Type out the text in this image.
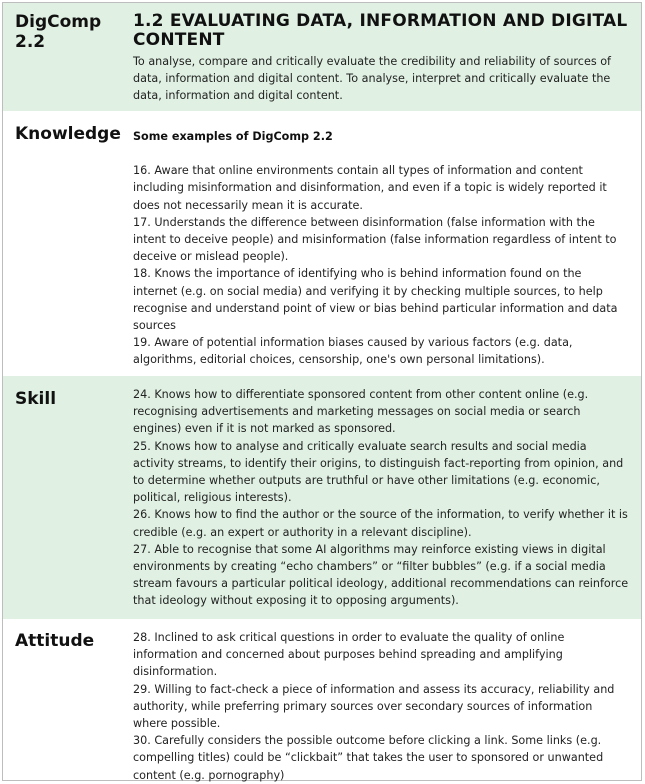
DigComp
2.2
1.2 EVALUATING DATA, INFORMATION AND DIGITAL
CONTENT

To analyse, compare and critically evaluate the credibility and reliability of sources of data, information and digital content. To analyse, interpret and critically evaluate the data, information and digital content.

Knowledge Some examples of DigComp 2.2

16. Aware that online environments contain all types of information and content including misinformation and disinformation, and even if a topic is widely reported it does not necessarily mean it is accurate.

17. Understands the difference between disinformation (false information with the intent to deceive people) and misinformation (false information regardless of intent to deceive or mislead people).

18. Knows the importance of identifying who is behind information found on the internet (e.g. on social media) and verifying it by checking multiple sources, to help recognise and understand point of view or bias behind particular information and data sources

19. Aware of potential information biases caused by various factors (e.g. data, algorithms, editorial choices, censorship, one's own personal limitations).

Skill	24. Knows how to differentiate sponsored content from other content online (e.g. recognising advertisements and marketing messages on social media or search engines) even if it is not marked as sponsored.

25. Knows how to analyse and critically evaluate search results and social media activity streams, to identify their origins, to distinguish fact-reporting from opinion, and to determine whether outputs are truthful or have other limitations (e.g. economic, political, religious interests).

26. Knows how to find the author or the source of the information, to verify whether it is credible (e.g. an expert or authority in a relevant discipline).

27. Able to recognise that some AI algorithms may reinforce existing views in digital environments by creating “echo chambers” or “filter bubbles” (e.g. if a social media stream favours a particular political ideology, additional recommendations can reinforce that ideology without exposing it to opposing arguments).

Attitude	28. Inclined to ask critical questions in order to evaluate the quality of online information and concerned about purposes behind spreading and amplifying disinformation.

29. Willing to fact-check a piece of information and assess its accuracy, reliability and authority, while preferring primary sources over secondary sources of information where possible.

30. Carefully considers the possible outcome before clicking a link. Some links (e.g. compelling titles) could be “clickbait” that takes the user to sponsored or unwanted content (e.g. pornography)
